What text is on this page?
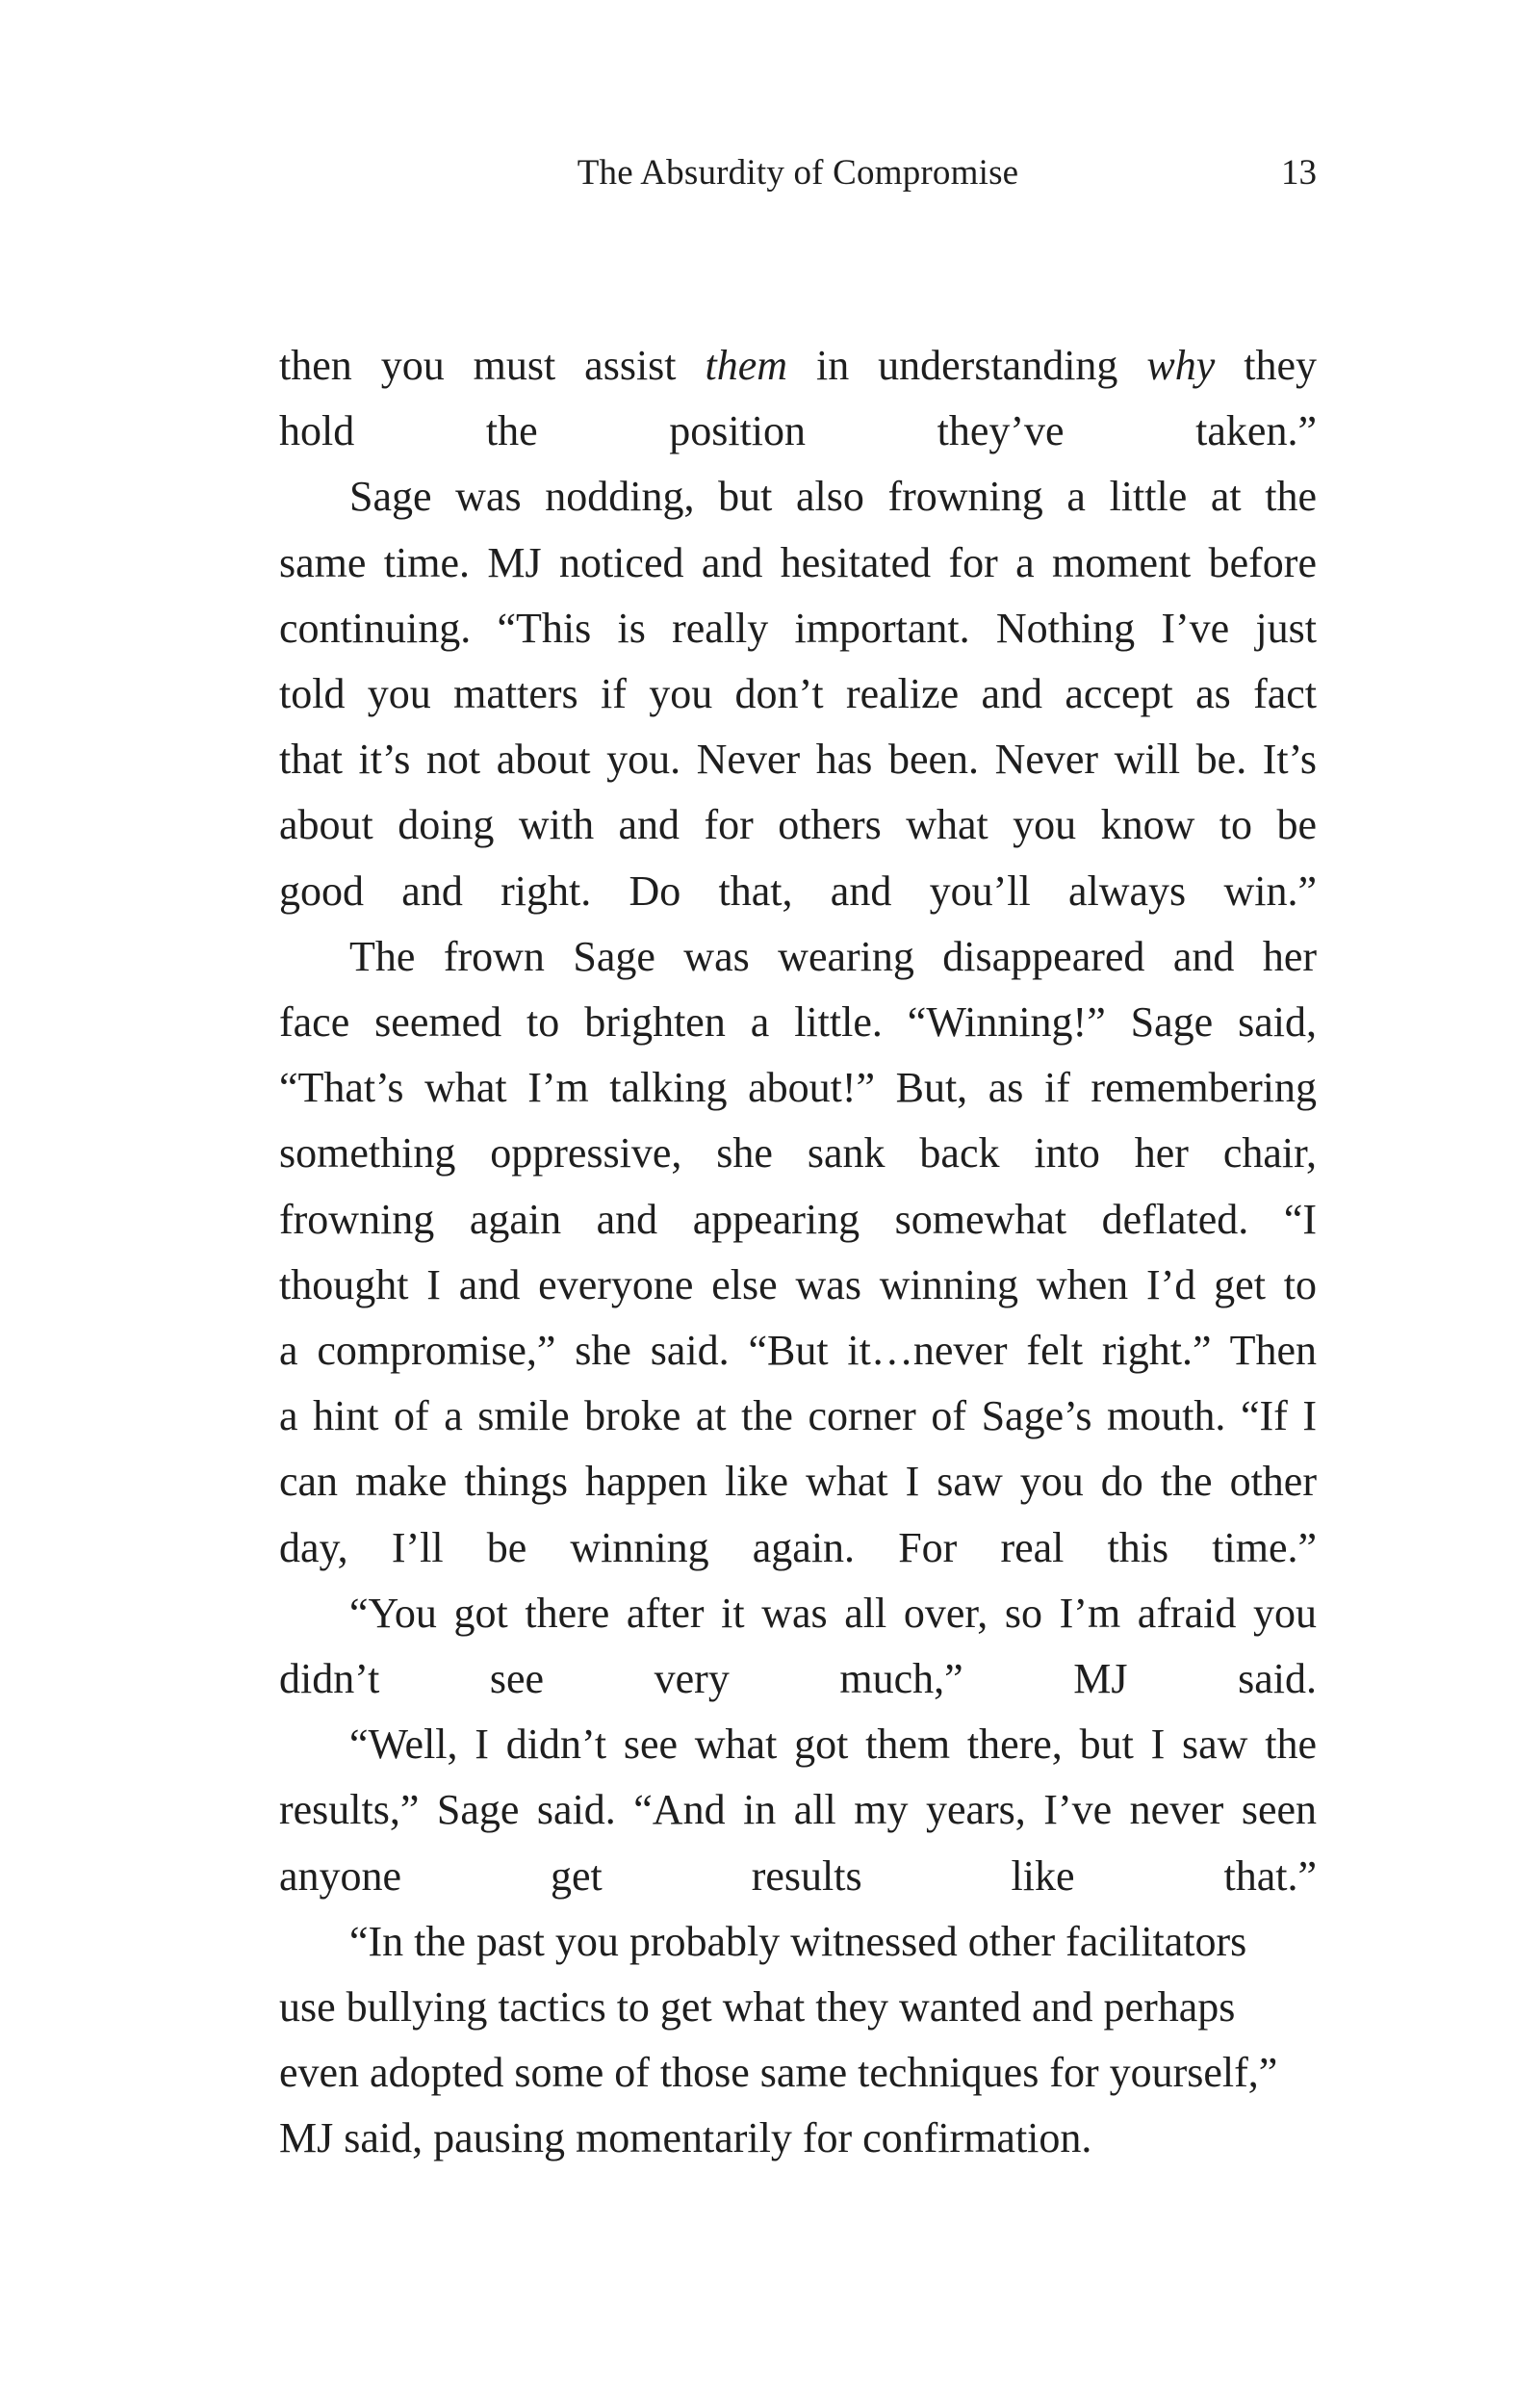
The Absurdity of Compromise	13

then you must assist them in understanding why they
hold the position they’ve taken.”

Sage was nodding, but also frowning a little at the
same time. MJ noticed and hesitated for a moment before
continuing. “This is really important. Nothing I’ve just
told you matters if you don’t realize and accept as fact
that it’s not about you. Never has been. Never will be. It’s
about doing with and for others what you know to be
good and right. Do that, and you’ll always win.”

The frown Sage was wearing disappeared and her
face seemed to brighten a little. “Winning!” Sage said,
“That’s what I’m talking about!” But, as if remembering
something oppressive, she sank back into her chair,
frowning again and appearing somewhat deflated. “I
thought I and everyone else was winning when I’d get to
a compromise,” she said. “But it…never felt right.” Then
a hint of a smile broke at the corner of Sage’s mouth. “If I
can make things happen like what I saw you do the other
day, I’ll be winning again. For real this time.”

“You got there after it was all over, so I’m afraid you
didn’t see very much,” MJ said.

“Well, I didn’t see what got them there, but I saw the
results,” Sage said. “And in all my years, I’ve never seen
anyone get results like that.”

“In the past you probably witnessed other facilitators
use bullying tactics to get what they wanted and perhaps
even adopted some of those same techniques for yourself,”
MJ said, pausing momentarily for confirmation.
